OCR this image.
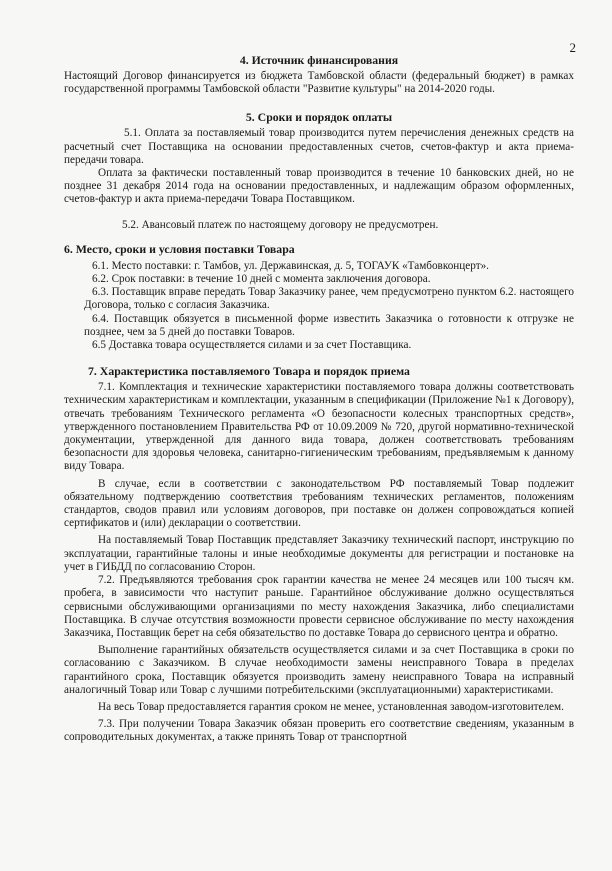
2
4. Источник финансирования

Настоящий Договор финансируется из бюджета Тамбовской области (федеральный бюджет) в рамках государственной программы Тамбовской области "Развитие культуры" на 2014-2020 годы.

5. Сроки и порядок оплаты

5.1. Оплата за поставляемый товар производится путем перечисления денежных средств на расчетный счет Поставщика на основании предоставленных счетов, счетов-фактур и акта приема-передачи товара.

Оплата за фактически поставленный товар производится в течение 10 банковских дней, но не позднее 31 декабря 2014 года на основании предоставленных, и надлежащим образом оформленных, счетов-фактур и акта приема-передачи Товара Поставщиком.

5.2. Авансовый платеж по настоящему договору не предусмотрен.

6. Место, сроки и условия поставки Товара

6.1. Место поставки: г. Тамбов, ул. Державинская, д. 5, ТОГАУК «Тамбовконцерт».

6.2. Срок поставки: в течение 10 дней с момента заключения договора.

6.3. Поставщик вправе передать Товар Заказчику ранее, чем предусмотрено пунктом 6.2. настоящего Договора, только с согласия Заказчика.

6.4. Поставщик обязуется в письменной форме известить Заказчика о готовности к отгрузке не позднее, чем за 5 дней до поставки Товаров.

6.5 Доставка товара осуществляется силами и за счет Поставщика.

7. Характеристика поставляемого Товара и порядок приема

7.1. Комплектация и технические характеристики поставляемого товара должны соответствовать техническим характеристикам и комплектации, указанным в спецификации (Приложение №1 к Договору), отвечать требованиям Технического регламента «О безопасности колесных транспортных средств», утвержденного постановлением Правительства РФ от 10.09.2009 № 720, другой нормативно-технической документации, утвержденной для данного вида товара, должен соответствовать требованиям безопасности для здоровья человека, санитарно-гигиеническим требованиям, предъявляемым к данному виду Товара.

В случае, если в соответствии с законодательством РФ поставляемый Товар подлежит обязательному подтверждению соответствия требованиям технических регламентов, положениям стандартов, сводов правил или условиям договоров, при поставке он должен сопровождаться копией сертификатов и (или) декларации о соответствии.

На поставляемый Товар Поставщик представляет Заказчику технический паспорт, инструкцию по эксплуатации, гарантийные талоны и иные необходимые документы для регистрации и постановке на учет в ГИБДД по согласованию Сторон.

7.2. Предъявляются требования срок гарантии качества не менее 24 месяцев или 100 тысяч км. пробега, в зависимости что наступит раньше. Гарантийное обслуживание должно осуществляться сервисными обслуживающими организациями по месту нахождения Заказчика, либо специалистами Поставщика. В случае отсутствия возможности провести сервисное обслуживание по месту нахождения Заказчика, Поставщик берет на себя обязательство по доставке Товара до сервисного центра и обратно.

Выполнение гарантийных обязательств осуществляется силами и за счет Поставщика в сроки по согласованию с Заказчиком. В случае необходимости замены неисправного Товара в пределах гарантийного срока, Поставщик обязуется производить замену неисправного Товара на исправный аналогичный Товар или Товар с лучшими потребительскими (эксплуатационными) характеристиками.

На весь Товар предоставляется гарантия сроком не менее, установленная заводом-изготовителем.

7.3. При получении Товара Заказчик обязан проверить его соответствие сведениям, указанным в сопроводительных документах, а также принять Товар от транспортной
